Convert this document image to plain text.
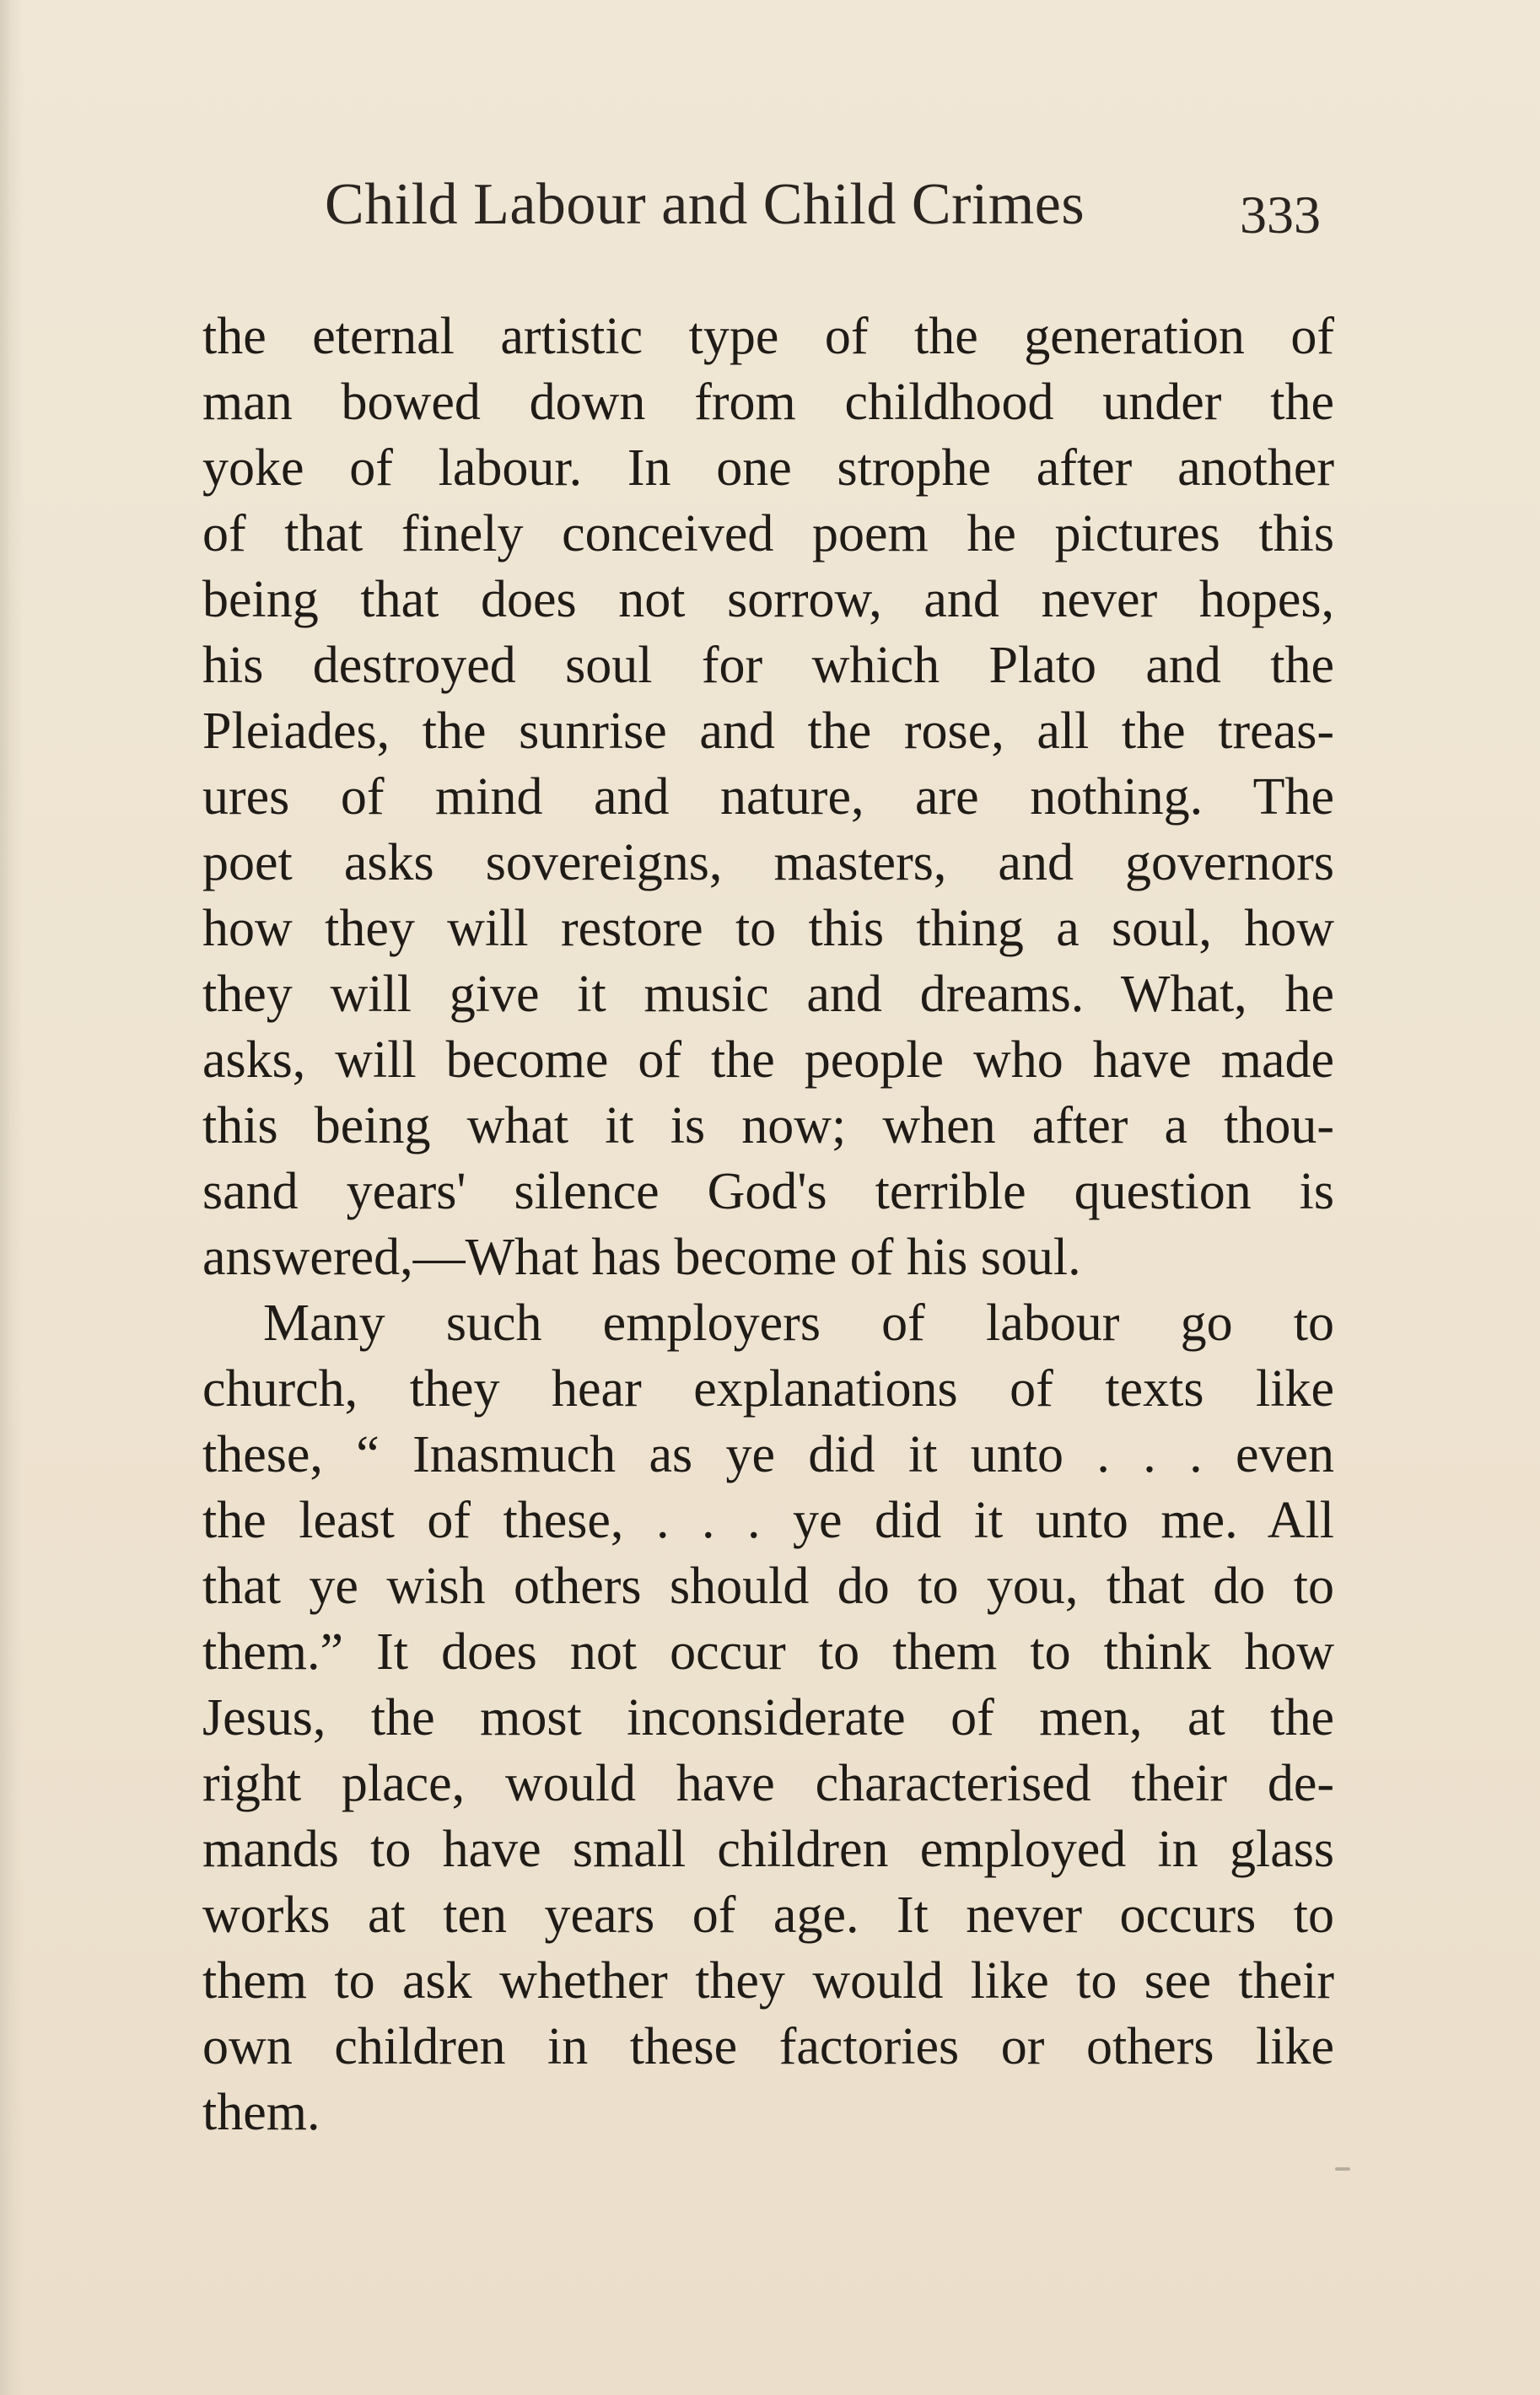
Child Labour and Child Crimes	333
the eternal artistic type of the generation of
man bowed down from childhood under the
yoke of labour. In one strophe after another
of that finely conceived poem he pictures this
being that does not sorrow, and never hopes,
his destroyed soul for which Plato and the
Pleiades, the sunrise and the rose, all the treas-
ures of mind and nature, are nothing. The
poet asks sovereigns, masters, and governors
how they will restore to this thing a soul, how
they will give it music and dreams. What, he
asks, will become of the people who have made
this being what it is now; when after a thou-
sand years' silence God's terrible question is
answered,—What has become of his soul.
Many such employers of labour go to
church, they hear explanations of texts like
these, “ Inasmuch as ye did it unto . . . even
the least of these, . . . ye did it unto me. All
that ye wish others should do to you, that do to
them.” It does not occur to them to think how
Jesus, the most inconsiderate of men, at the
right place, would have characterised their de-
mands to have small children employed in glass
works at ten years of age. It never occurs to
them to ask whether they would like to see their
own children in these factories or others like
them.
